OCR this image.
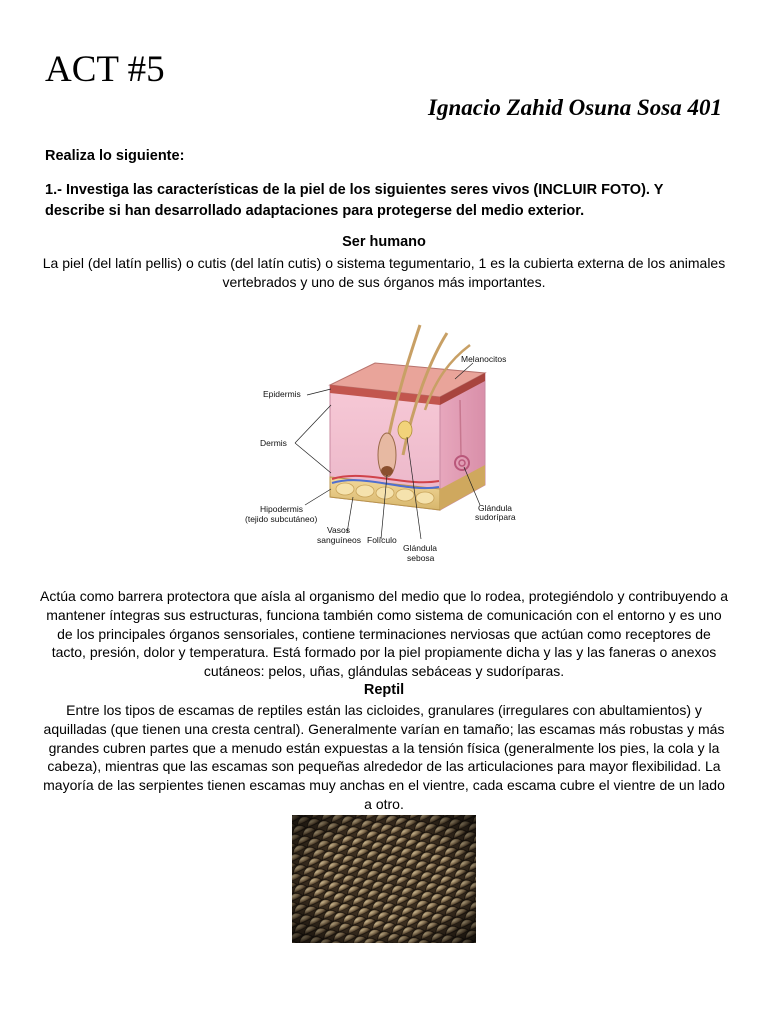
ACT #5
Ignacio Zahid Osuna Sosa 401
Realiza lo siguiente:
1.- Investiga las características de la piel de los siguientes seres vivos (INCLUIR FOTO). Y describe si han desarrollado adaptaciones para protegerse del medio exterior.
Ser humano
La piel (del latín pellis) o cutis (del latín cutis) o sistema tegumentario, 1 es la cubierta externa de los animales vertebrados y uno de sus órganos más importantes.
Epidermis
Dermis
Hipodermis
(tejido subcutáneo)
Vasos
sanguíneos Folículo
Glándula
sebosa
Glándula
sudorípara
Melanocitos
Actúa como barrera protectora que aísla al organismo del medio que lo rodea, protegiéndolo y contribuyendo a mantener íntegras sus estructuras, funciona también como sistema de comunicación con el entorno y es uno de los principales órganos sensoriales, contiene terminaciones nerviosas que actúan como receptores de tacto, presión, dolor y temperatura. Está formado por la piel propiamente dicha y las y las faneras o anexos cutáneos: pelos, uñas, glándulas sebáceas y sudoríparas.
Reptil
Entre los tipos de escamas de reptiles están las cicloides, granulares (irregulares con abultamientos) y aquilladas (que tienen una cresta central). Generalmente varían en tamaño; las escamas más robustas y más grandes cubren partes que a menudo están expuestas a la tensión física (generalmente los pies, la cola y la cabeza), mientras que las escamas son pequeñas alrededor de las articulaciones para mayor flexibilidad. La mayoría de las serpientes tienen escamas muy anchas en el vientre, cada escama cubre el vientre de un lado a otro.
